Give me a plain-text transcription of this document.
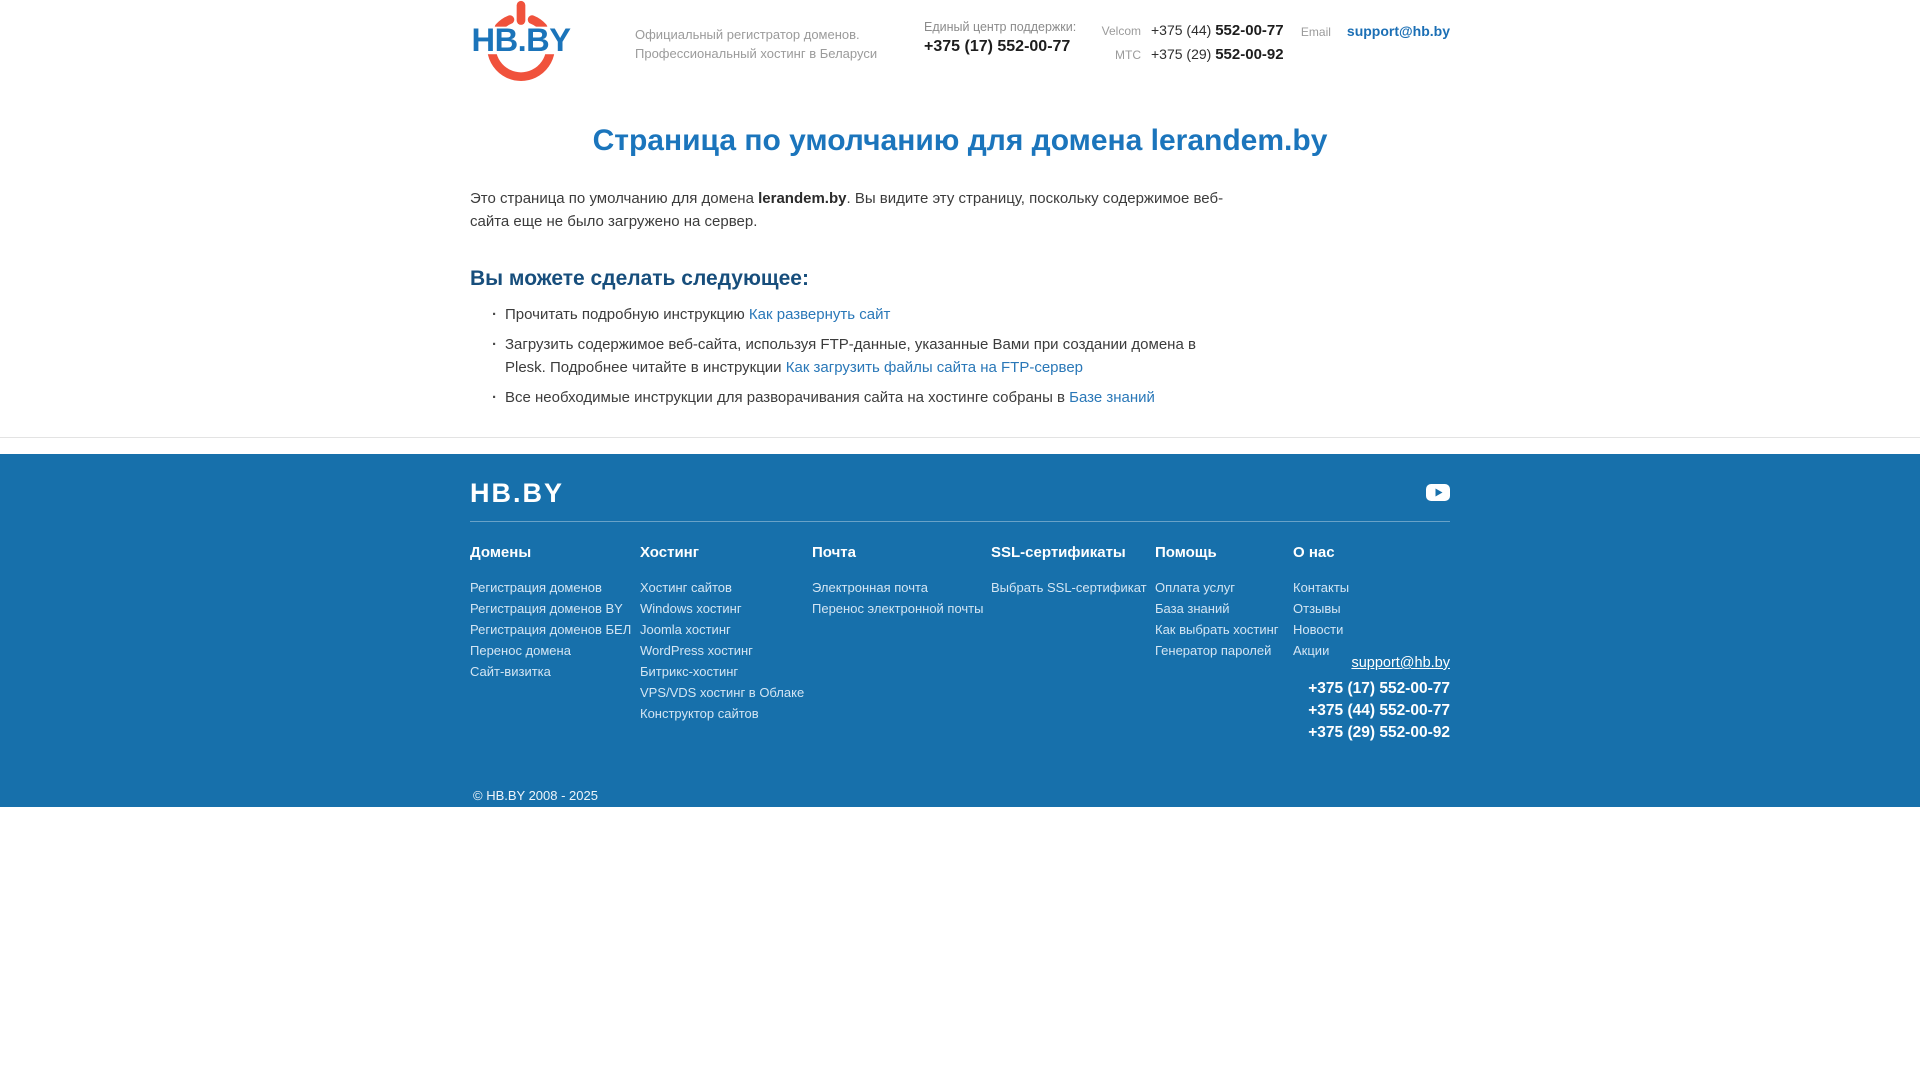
HB.BY	Официальный регистратор доменов.
Профессиональный хостинг в Беларуси
Единый центр поддержки:
+375 (17) 552-00-77
Velcom +375 (44) 552-00-77
МТС +375 (29) 552-00-92
Email support@hb.by
Страница по умолчанию для домена lerandem.by

Это страница по умолчанию для домена lerandem.by. Вы видите эту страницу, поскольку содержимое веб-сайта еще не было загружено на сервер.

Вы можете сделать следующее:
· Прочитать подробную инструкцию Как развернуть сайт
· Загрузить содержимое веб-сайта, используя FTP-данные, указанные Вами при создании домена в Plesk. Подробнее читайте в инструкции Как загрузить файлы сайта на FTP-сервер
· Все необходимые инструкции для разворачивания сайта на хостинге собраны в Базе знаний
HB.BY
Домены
Регистрация доменов
Регистрация доменов BY
Регистрация доменов БЕЛ
Перенос домена
Сайт-визитка
Хостинг
Хостинг сайтов
Windows хостинг
Joomla хостинг
WordPress хостинг
Битрикс-хостинг
VPS/VDS хостинг в Облаке
Конструктор сайтов
Почта
Электронная почта
Перенос электронной почты
SSL-сертификаты
Выбрать SSL-сертификат
Помощь
Оплата услуг
База знаний
Как выбрать хостинг
Генератор паролей
О нас
Контакты
Отзывы
Новости
Акции
support@hb.by
+375 (17) 552-00-77
+375 (44) 552-00-77
+375 (29) 552-00-92
© HB.BY 2008 - 2025
